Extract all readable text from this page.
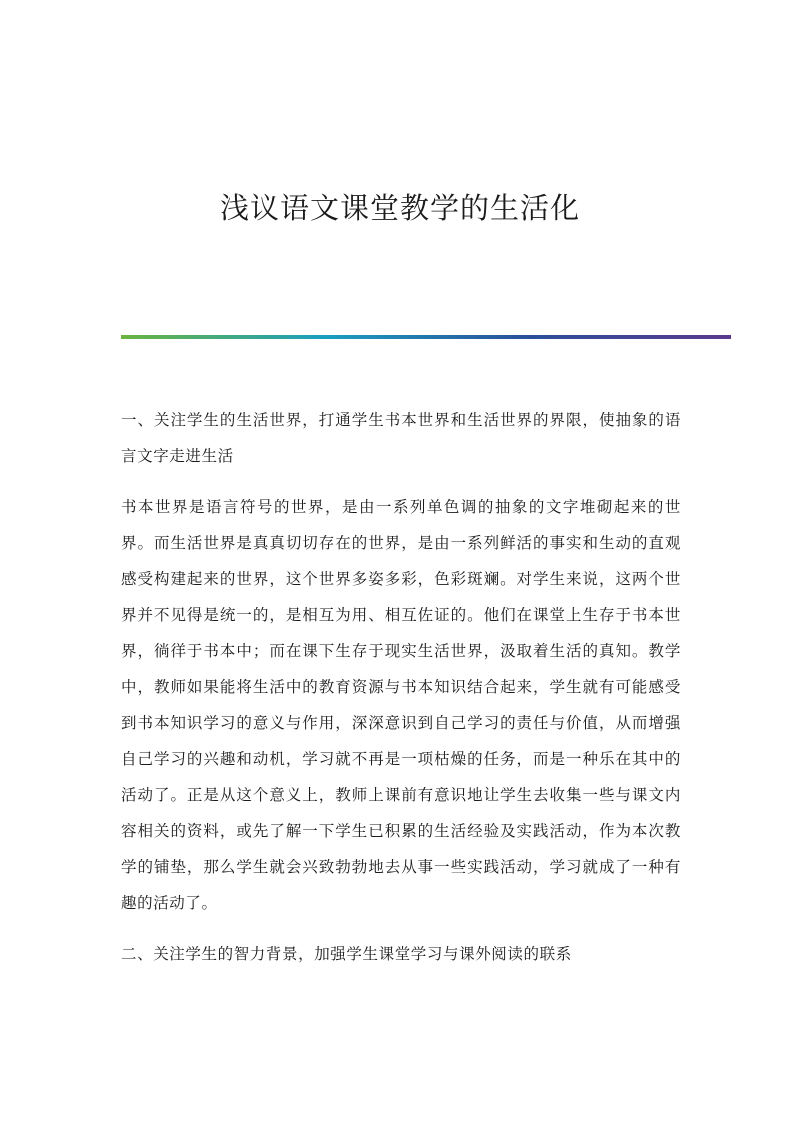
浅议语文课堂教学的生活化

一、关注学生的生活世界，打通学生书本世界和生活世界的界限，使抽象的语言文字走进生活

书本世界是语言符号的世界，是由一系列单色调的抽象的文字堆砌起来的世界。而生活世界是真真切切存在的世界，是由一系列鲜活的事实和生动的直观感受构建起来的世界，这个世界多姿多彩，色彩斑斓。对学生来说，这两个世界并不见得是统一的，是相互为用、相互佐证的。他们在课堂上生存于书本世界，徜徉于书本中；而在课下生存于现实生活世界，汲取着生活的真知。教学中，教师如果能将生活中的教育资源与书本知识结合起来，学生就有可能感受到书本知识学习的意义与作用，深深意识到自己学习的责任与价值，从而增强自己学习的兴趣和动机，学习就不再是一项枯燥的任务，而是一种乐在其中的活动了。正是从这个意义上，教师上课前有意识地让学生去收集一些与课文内容相关的资料，或先了解一下学生已积累的生活经验及实践活动，作为本次教学的铺垫，那么学生就会兴致勃勃地去从事一些实践活动，学习就成了一种有趣的活动了。

二、关注学生的智力背景，加强学生课堂学习与课外阅读的联系
